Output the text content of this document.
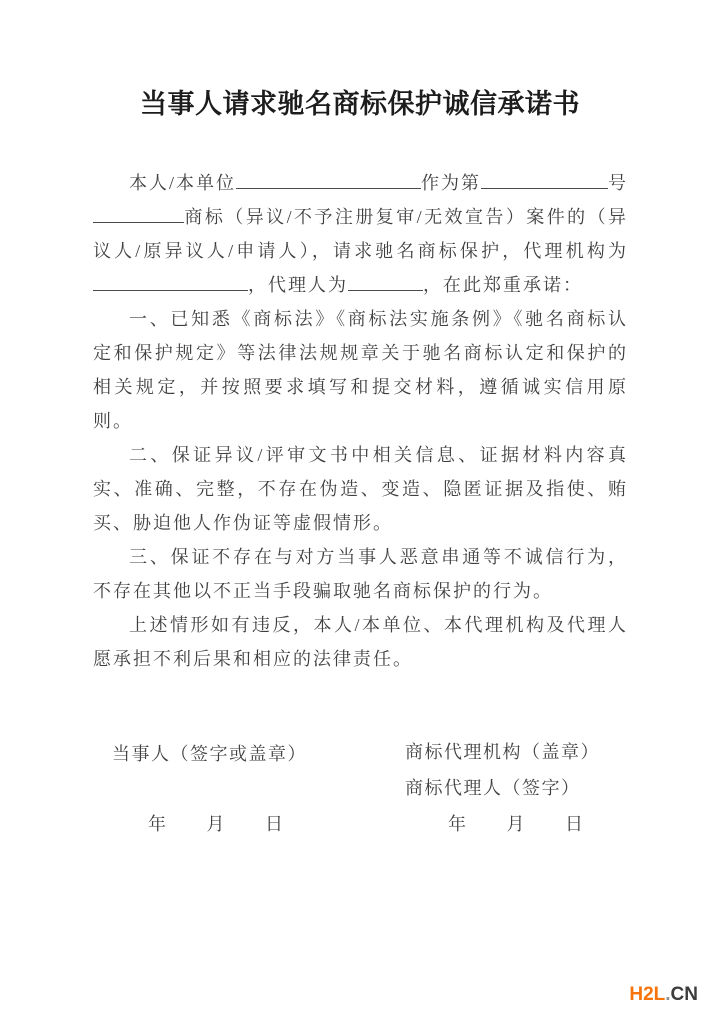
当事人请求驰名商标保护诚信承诺书

本人/本单位	作为第	号商标（异议/不予注册复审/无效宣告）案件的（异议人/原异议人/申请人），请求驰名商标保护，代理机构为，代理人为	，在此郑重承诺：

一、已知悉《商标法》《商标法实施条例》《驰名商标认定和保护规定》等法律法规规章关于驰名商标认定和保护的相关规定，并按照要求填写和提交材料，遵循诚实信用原则。

二、保证异议/评审文书中相关信息、证据材料内容真实、准确、完整，不存在伪造、变造、隐匿证据及指使、贿买、胁迫他人作伪证等虚假情形。

三、保证不存在与对方当事人恶意串通等不诚信行为，不存在其他以不正当手段骗取驰名商标保护的行为。

上述情形如有违反，本人/本单位、本代理机构及代理人愿承担不利后果和相应的法律责任。

当事人（签字或盖章）	商标代理机构（盖章）
商标代理人（签字）
年　　月　　日	年　　月　　日
H2L.CN
